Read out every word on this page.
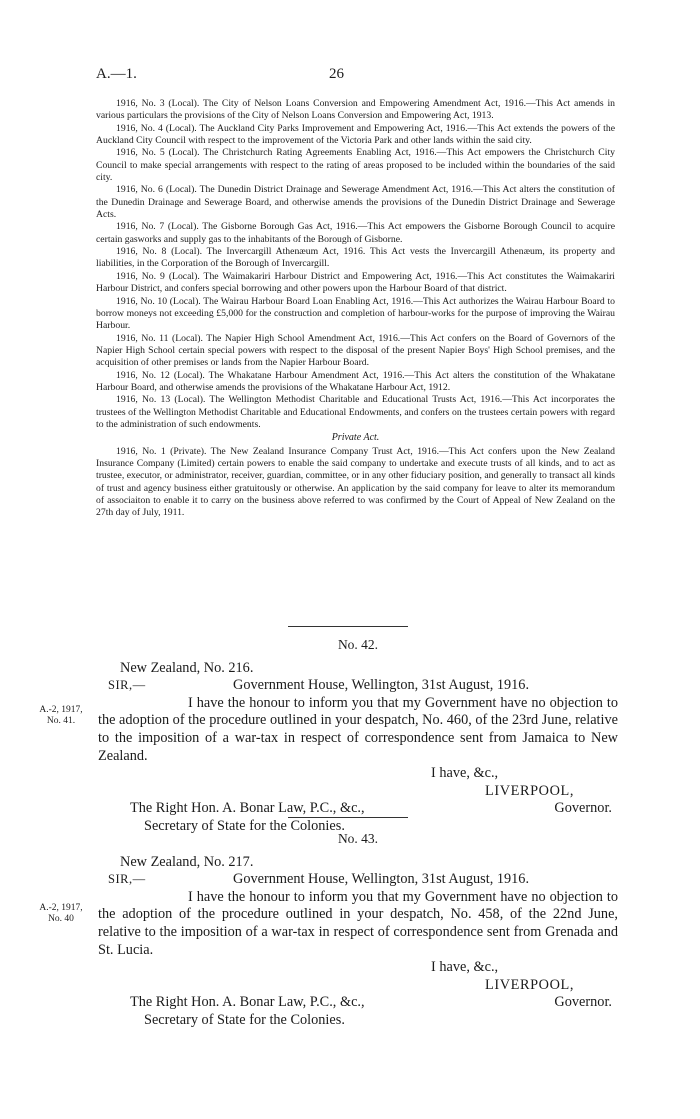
A.—1.	26

1916, No. 3 (Local). The City of Nelson Loans Conversion and Empowering Amendment Act, 1916.—This Act amends in various particulars the provisions of the City of Nelson Loans Conversion and Empowering Act, 1913.

1916, No. 4 (Local). The Auckland City Parks Improvement and Empowering Act, 1916.—This Act extends the powers of the Auckland City Council with respect to the improvement of the Victoria Park and other lands within the said city.

1916, No. 5 (Local). The Christchurch Rating Agreements Enabling Act, 1916.—This Act empowers the Christchurch City Council to make special arrangements with respect to the rating of areas proposed to be included within the boundaries of the said city.

1916, No. 6 (Local). The Dunedin District Drainage and Sewerage Amendment Act, 1916.—This Act alters the constitution of the Dunedin Drainage and Sewerage Board, and otherwise amends the provisions of the Dunedin District Drainage and Sewerage Acts.

1916, No. 7 (Local). The Gisborne Borough Gas Act, 1916.—This Act empowers the Gisborne Borough Council to acquire certain gasworks and supply gas to the inhabitants of the Borough of Gisborne.

1916, No. 8 (Local). The Invercargill Athenæum Act, 1916. This Act vests the Invercargill Athenæum, its property and liabilities, in the Corporation of the Borough of Invercargill.

1916, No. 9 (Local). The Waimakariri Harbour District and Empowering Act, 1916.—This Act constitutes the Waimakariri Harbour District, and confers special borrowing and other powers upon the Harbour Board of that district.

1916, No. 10 (Local). The Wairau Harbour Board Loan Enabling Act, 1916.—This Act authorizes the Wairau Harbour Board to borrow moneys not exceeding £5,000 for the construction and completion of harbour-works for the purpose of improving the Wairau Harbour.

1916, No. 11 (Local). The Napier High School Amendment Act, 1916.—This Act confers on the Board of Governors of the Napier High School certain special powers with respect to the disposal of the present Napier Boys' High School premises, and the acquisition of other premises or lands from the Napier Harbour Board.

1916, No. 12 (Local). The Whakatane Harbour Amendment Act, 1916.—This Act alters the constitution of the Whakatane Harbour Board, and otherwise amends the provisions of the Whakatane Harbour Act, 1912.

1916, No. 13 (Local). The Wellington Methodist Charitable and Educational Trusts Act, 1916.—This Act incorporates the trustees of the Wellington Methodist Charitable and Educational Endowments, and confers on the trustees certain powers with regard to the administration of such endowments.

Private Act.

1916, No. 1 (Private). The New Zealand Insurance Company Trust Act, 1916.—This Act confers upon the New Zealand Insurance Company (Limited) certain powers to enable the said company to undertake and execute trusts of all kinds, and to act as trustee, executor, or administrator, receiver, guardian, committee, or in any other fiduciary position, and generally to transact all kinds of trust and agency business either gratuitously or otherwise. An application by the said company for leave to alter its memorandum of associaiton to enable it to carry on the business above referred to was confirmed by the Court of Appeal of New Zealand on the 27th day of July, 1911.

No. 42.

New Zealand, No. 216.

SIR,—	Government House, Wellington, 31st August, 1916.

I have the honour to inform you that my Government have no objection to the adoption of the procedure outlined in your despatch, No. 460, of the 23rd June, relative to the imposition of a war-tax in respect of correspondence sent from Jamaica to New Zealand.

I have, &c.,

LIVERPOOL,

The Right Hon. A. Bonar Law, P.C., &c.,	Governor.

Secretary of State for the Colonies.

A.-2, 1917,
No. 41.
No. 43.

New Zealand, No. 217.

SIR,—	Government House, Wellington, 31st August, 1916.

I have the honour to inform you that my Government have no objection to the adoption of the procedure outlined in your despatch, No. 458, of the 22nd June, relative to the imposition of a war-tax in respect of correspondence sent from Grenada and St. Lucia.

I have, &c.,

LIVERPOOL,

The Right Hon. A. Bonar Law, P.C., &c.,	Governor.

Secretary of State for the Colonies.

A.-2, 1917,
No. 40
